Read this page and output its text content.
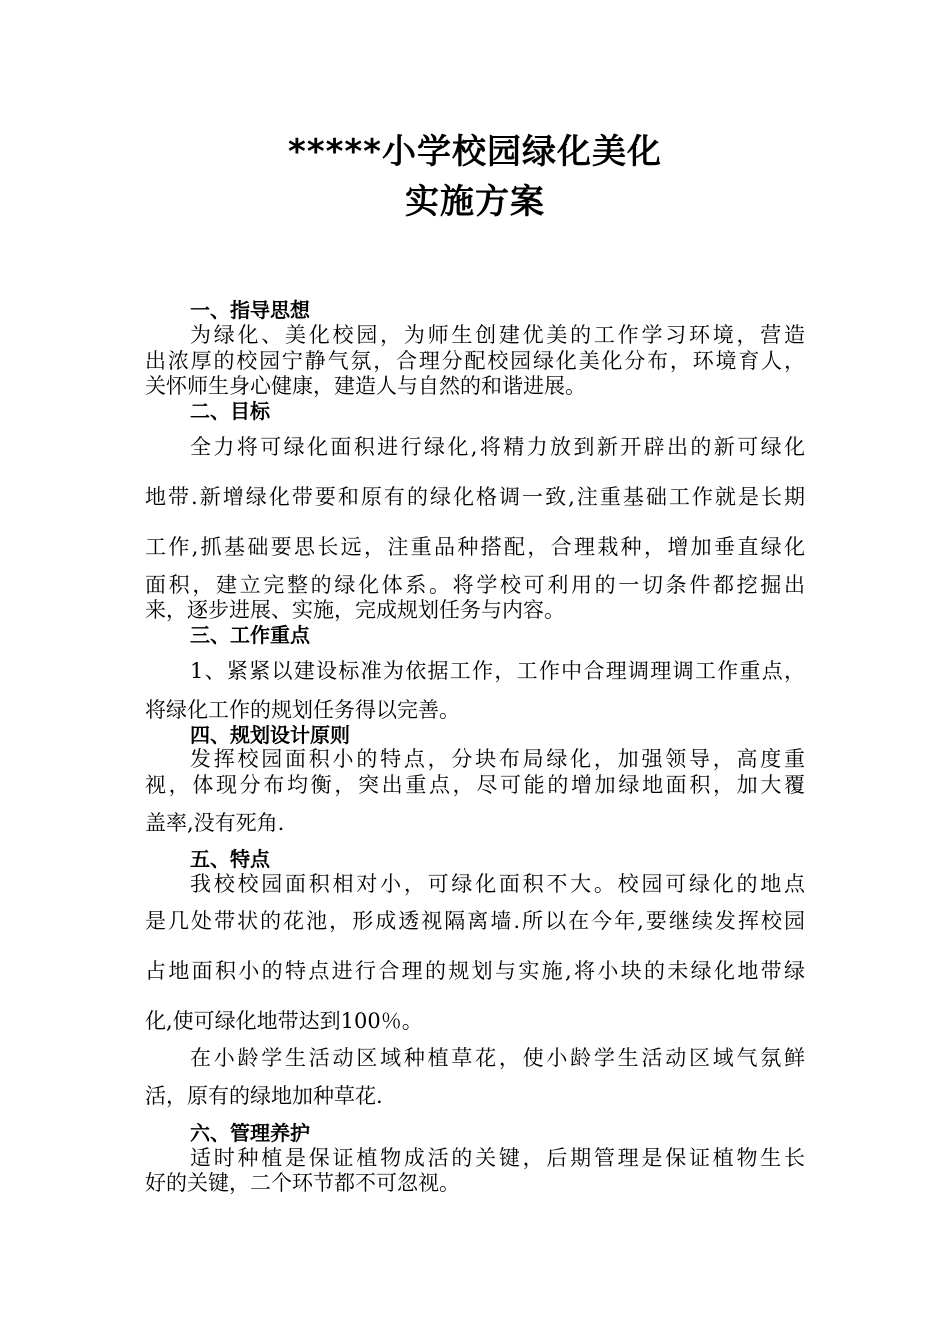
*****小学校园绿化美化
实施方案
一、指导思想
为绿化、美化校园，为师生创建优美的工作学习环境，营造
出浓厚的校园宁静气氛，合理分配校园绿化美化分布，环境育人，
关怀师生身心健康，建造人与自然的和谐进展。
二、目标
全力将可绿化面积进行绿化,将精力放到新开辟出的新可绿化
地带.新增绿化带要和原有的绿化格调一致,注重基础工作就是长期
工作,抓基础要思长远，注重品种搭配，合理栽种，增加垂直绿化
面积，建立完整的绿化体系。将学校可利用的一切条件都挖掘出
来，逐步进展、实施，完成规划任务与内容。
三、工作重点
1、紧紧以建设标准为依据工作，工作中合理调理调工作重点，
将绿化工作的规划任务得以完善。
四、规划设计原则
发挥校园面积小的特点，分块布局绿化，加强领导，高度重
视，体现分布均衡，突出重点，尽可能的增加绿地面积，加大覆
盖率,没有死角.
五、特点
我校校园面积相对小，可绿化面积不大。校园可绿化的地点
是几处带状的花池，形成透视隔离墙.所以在今年,要继续发挥校园
占地面积小的特点进行合理的规划与实施,将小块的未绿化地带绿
化,使可绿化地带达到100％。
在小龄学生活动区域种植草花，使小龄学生活动区域气氛鲜
活，原有的绿地加种草花.
六、管理养护
适时种植是保证植物成活的关键，后期管理是保证植物生长
好的关键，二个环节都不可忽视。
